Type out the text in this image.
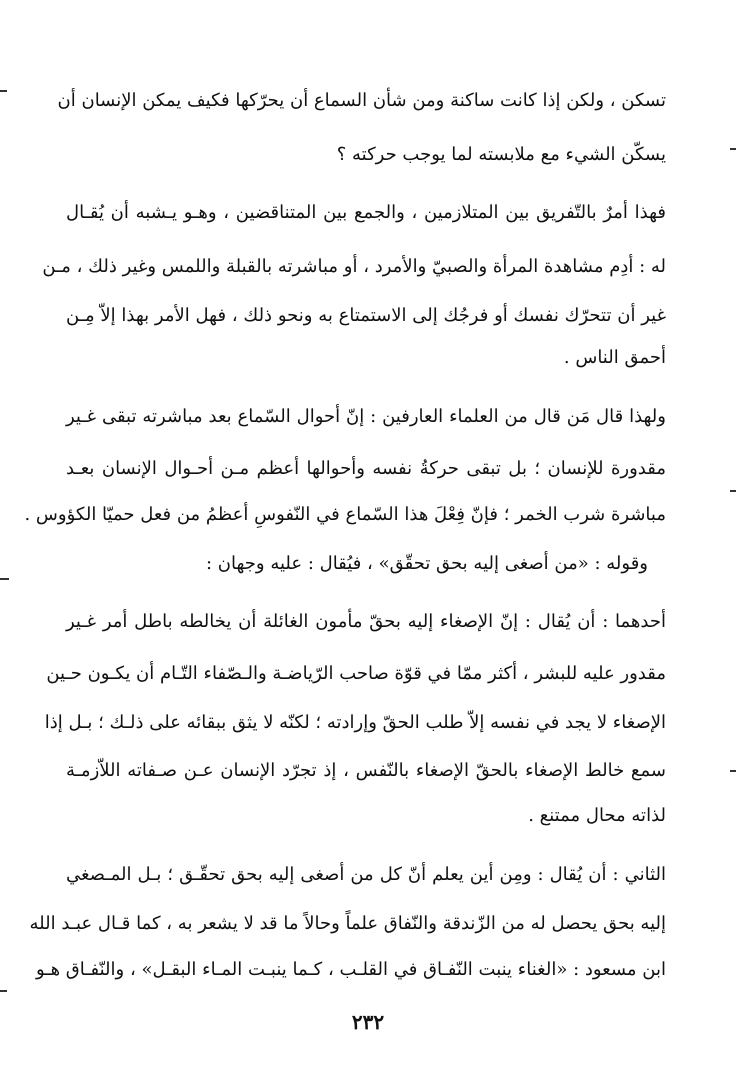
تسكن ، ولكن إذا كانت ساكنة ومن شأن السماع أن يحرّكها فكيف يمكن الإنسان أن
يسكّن الشيء مع ملابسته لما يوجب حركته ؟
فهذا أمرٌ بالتّفريق بين المتلازمين ، والجمع بين المتناقضين ، وهـو يـشبه أن يُقـال
له : أدِم مشاهدة المرأة والصبيّ والأمرد ، أو مباشرته بالقبلة واللمس وغير ذلك ، مـن
غير أن تتحرّك نفسك أو فرجُك إلى الاستمتاع به ونحو ذلك ، فهل الأمر بهذا إلاّ مِـن
أحمق الناس .
ولهذا قال مَن قال من العلماء العارفين : إنّ أحوال السّماع بعد مباشرته تبقى غـير
مقدورة للإنسان ؛ بل تبقى حركةُ نفسه وأحوالها أعظم مـن أحـوال الإنسان بعـد
مباشرة شرب الخمر ؛ فإنّ فِعْلَ هذا السّماع في النّفوسِ أعظمُ من فعل حميّا الكؤوس .
وقوله : «من أصغى إليه بحق تحقّق» ، فيُقال : عليه وجهان :
أحدهما : أن يُقال : إنّ الإصغاء إليه بحقّ مأمون الغائلة أن يخالطه باطل أمر غـير
مقدور عليه للبشر ، أكثر ممّا في قوّة صاحب الرّياضـة والـصّفاء التّـام أن يكـون حـين
الإصغاء لا يجد في نفسه إلاّ طلب الحقّ وإرادته ؛ لكنّه لا يثق ببقائه على ذلـك ؛ بـل إذا
سمع خالط الإصغاء بالحقّ الإصغاء بالنّفس ، إذ تجرّد الإنسان عـن صـفاته اللاّزمـة
لذاته محال ممتنع .
الثاني : أن يُقال : ومِن أين يعلم أنّ كل من أصغى إليه بحق تحقّـق ؛ بـل المـصغي
إليه بحق يحصل له من الزّندقة والنّفاق علماً وحالاً ما قد لا يشعر به ، كما قـال عبـد الله
ابن مسعود : «الغناء ينبت النّفـاق في القلـب ، كـما ينبـت المـاء البقـل» ، والنّفـاق هـو
٢٣٢
